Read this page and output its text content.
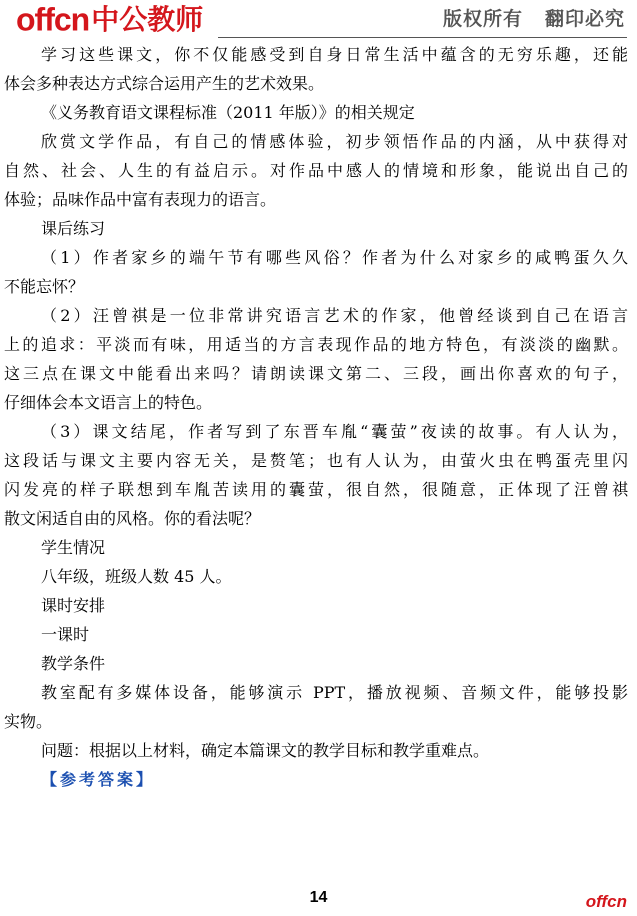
offcn中公教师	版权所有 翻印必究
学习这些课文，你不仅能感受到自身日常生活中蕴含的无穷乐趣，还能
体会多种表达方式综合运用产生的艺术效果。
《义务教育语文课程标准（2011 年版）》的相关规定
欣赏文学作品，有自己的情感体验，初步领悟作品的内涵，从中获得对
自然、社会、人生的有益启示。对作品中感人的情境和形象，能说出自己的
体验；品味作品中富有表现力的语言。
课后练习
（1）作者家乡的端午节有哪些风俗？作者为什么对家乡的咸鸭蛋久久
不能忘怀？
（2）汪曾祺是一位非常讲究语言艺术的作家，他曾经谈到自己在语言
上的追求：平淡而有味，用适当的方言表现作品的地方特色，有淡淡的幽默。
这三点在课文中能看出来吗？请朗读课文第二、三段，画出你喜欢的句子，
仔细体会本文语言上的特色。
（3）课文结尾，作者写到了东晋车胤“囊萤”夜读的故事。有人认为，
这段话与课文主要内容无关，是赘笔；也有人认为，由萤火虫在鸭蛋壳里闪
闪发亮的样子联想到车胤苦读用的囊萤，很自然，很随意，正体现了汪曾祺
散文闲适自由的风格。你的看法呢？
学生情况
八年级，班级人数 45 人。
课时安排
一课时
教学条件
教室配有多媒体设备，能够演示 PPT，播放视频、音频文件，能够投影
实物。
问题：根据以上材料，确定本篇课文的教学目标和教学重难点。
【参考答案】
14	offcn
